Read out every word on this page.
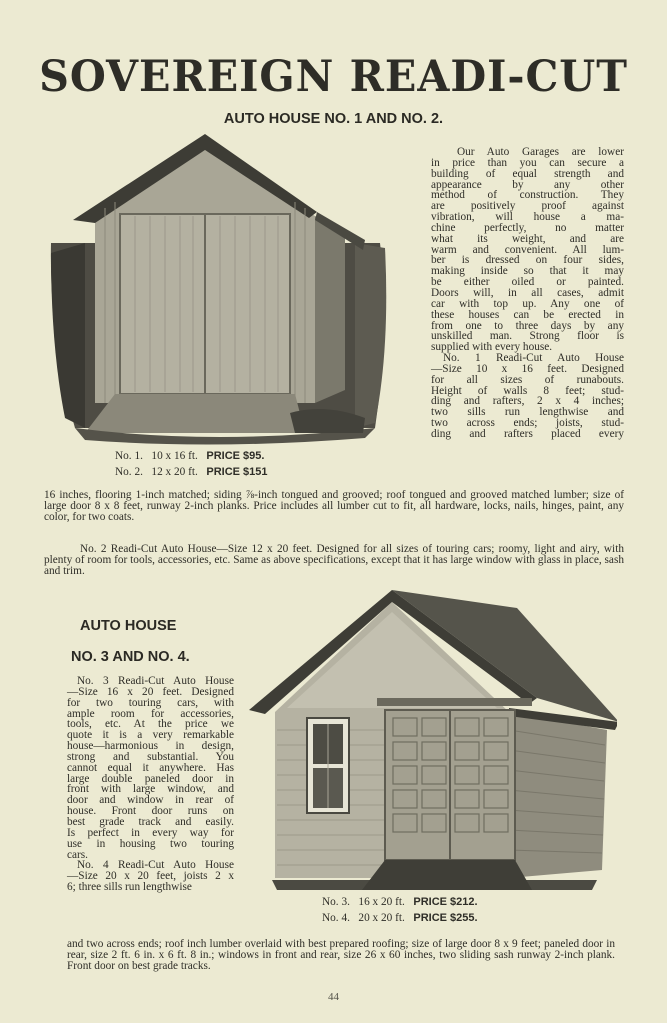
SOVEREIGN READI-CUT
AUTO HOUSE NO. 1 AND NO. 2.
Our Auto Garages are lower
in price than you can secure a
building of equal strength and
appearance by any other
method of construction. They
are positively proof against
vibration, will house a ma-
chine perfectly, no matter
what its weight, and are
warm and convenient. All lum-
ber is dressed on four sides,
making inside so that it may
be either oiled or painted.
Doors will, in all cases, admit
car with top up. Any one of
these houses can be erected in
from one to three days by any
unskilled man. Strong floor is
supplied with every house.
No. 1 Readi-Cut Auto House
—Size 10 x 16 feet. Designed
for all sizes of runabouts.
Height of walls 8 feet; stud-
ding and rafters, 2 x 4 inches;
two sills run lengthwise and
two across ends; joists, stud-
ding and rafters placed every
No. 1. 10 x 16 ft. PRICE $95.
No. 2. 12 x 20 ft. PRICE $151
16 inches, flooring 1-inch matched; siding ⅞-inch tongued and grooved; roof tongued and grooved matched lumber; size of large door 8 x 8 feet, runway 2-inch planks. Price includes all lumber cut to fit, all hardware, locks, nails, hinges, paint, any color, for two coats.
No. 2 Readi-Cut Auto House—Size 12 x 20 feet. Designed for all sizes of touring cars; roomy, light and airy, with plenty of room for tools, accessories, etc. Same as above specifications, except that it has large window with glass in place, sash and trim.
AUTO HOUSE
NO. 3 AND NO. 4.
No. 3 Readi-Cut Auto House
—Size 16 x 20 feet. Designed
for two touring cars, with
ample room for accessories,
tools, etc. At the price we
quote it is a very remarkable
house—harmonious in design,
strong and substantial. You
cannot equal it anywhere. Has
large double paneled door in
front with large window, and
door and window in rear of
house. Front door runs on
best grade track and easily.
Is perfect in every way for
use in housing two touring
cars.
No. 4 Readi-Cut Auto House
—Size 20 x 20 feet, joists 2 x
6; three sills run lengthwise
No. 3. 16 x 20 ft. PRICE $212.
No. 4. 20 x 20 ft. PRICE $255.
and two across ends; roof inch lumber overlaid with best prepared roofing; size of large door 8 x 9 feet; paneled door in rear, size 2 ft. 6 in. x 6 ft. 8 in.; windows in front and rear, size 26 x 60 inches, two sliding sash runway 2-inch plank. Front door on best grade tracks.
44
